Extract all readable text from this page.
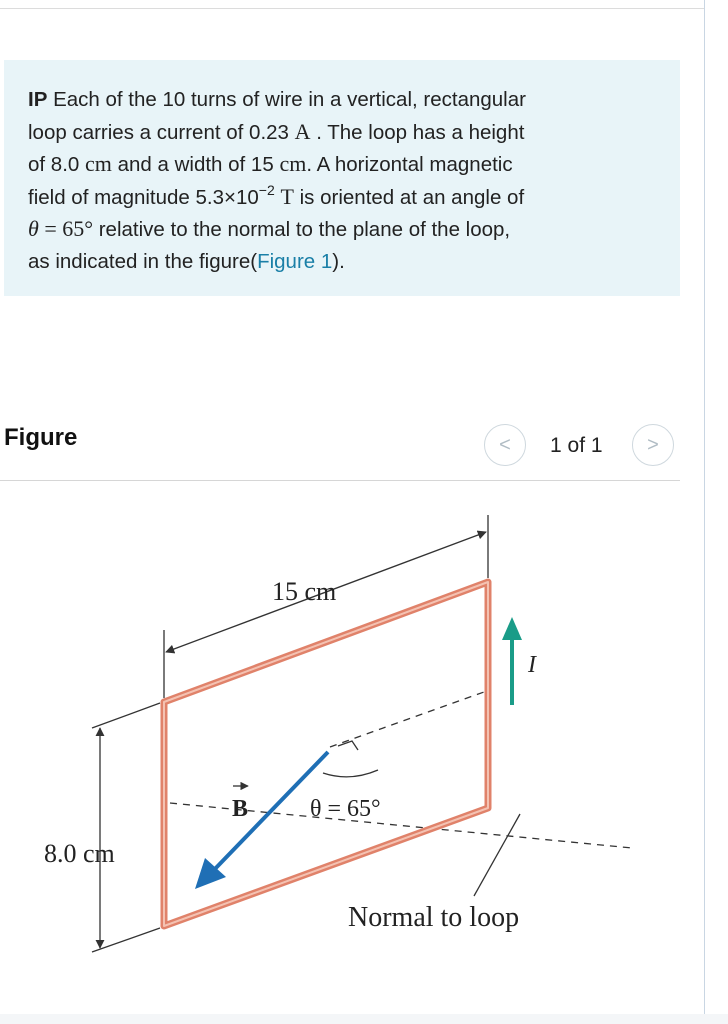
IP Each of the 10 turns of wire in a vertical, rectangular
loop carries a current of 0.23 A . The loop has a height
of 8.0 cm and a width of 15 cm. A horizontal magnetic
field of magnitude $5.3\times 10^{-2}$ T is oriented at an angle of
θ = 65° relative to the normal to the plane of the loop,
as indicated in the figure(Figure 1).
Figure	< 1 of 1 >
15 cm
8.0 cm
I
B	θ = 65°
Normal to loop
